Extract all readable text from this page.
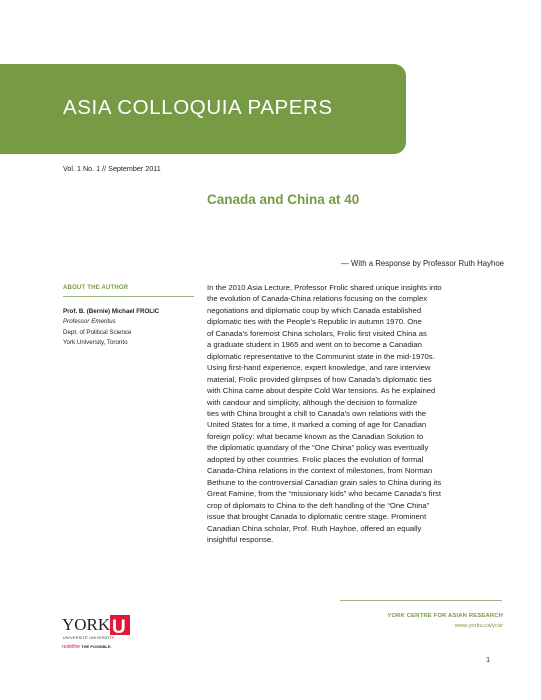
ASIA COLLOQUIA PAPERS
Vol. 1 No. 1 // September 2011
Canada and China at 40
— With a Response by Professor Ruth Hayhoe
ABOUT THE AUTHOR
Prof. B. (Bernie) Michael FROLIC
Professor Emeritus
Dept. of Political Science
York University, Toronto

In the 2010 Asia Lecture, Professor Frolic shared unique insights into

the evolution of Canada-China relations focusing on the complex

negotiations and diplomatic coup by which Canada established

diplomatic ties with the People’s Republic in autumn 1970. One

of Canada’s foremost China scholars, Frolic first visited China as

a graduate student in 1965 and went on to become a Canadian

diplomatic representative to the Communist state in the mid-1970s.

Using first-hand experience, expert knowledge, and rare interview

material, Frolic provided glimpses of how Canada’s diplomatic ties

with China came about despite Cold War tensions. As he explained

with candour and simplicity, although the decision to formalize

ties with China brought a chill to Canada’s own relations with the

United States for a time, it marked a coming of age for Canadian

foreign policy: what became known as the Canadian Solution to

the diplomatic quandary of the “One China” policy was eventually

adopted by other countries. Frolic places the evolution of formal

Canada-China relations in the context of milestones, from Norman

Bethune to the controversial Canadian grain sales to China during its

Great Famine, from the “missionary kids” who became Canada’s first

crop of diplomats to China to the deft handling of the “One China”

issue that brought Canada to diplomatic centre stage. Prominent

Canadian China scholar, Prof. Ruth Hayhoe, offered an equally

insightful response.

YORK U
UNIVERSITÉ UNIVERSITY
redefine THE POSSIBLE.
YORK CENTRE FOR ASIAN RESEARCH
www.yorku.ca/ycar
1
